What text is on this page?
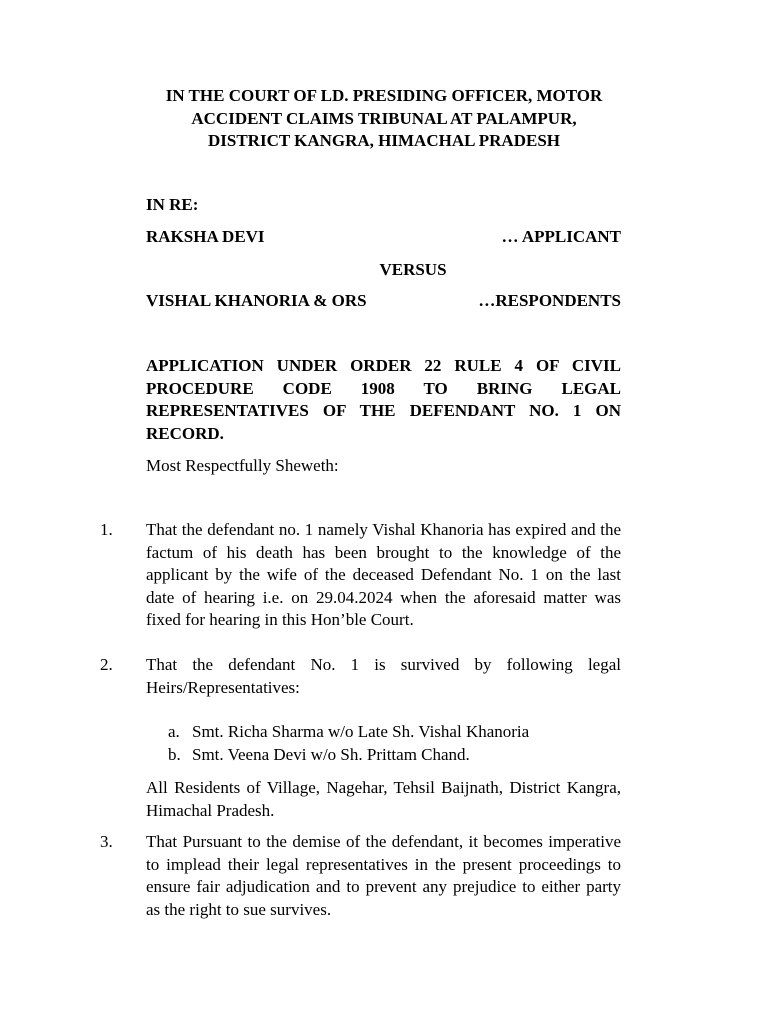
IN THE COURT OF LD. PRESIDING OFFICER, MOTOR
ACCIDENT CLAIMS TRIBUNAL AT PALAMPUR,
DISTRICT KANGRA, HIMACHAL PRADESH
IN RE:
RAKSHA DEVI	… APPLICANT
VERSUS
VISHAL KHANORIA & ORS	…RESPONDENTS
APPLICATION UNDER ORDER 22 RULE 4 OF CIVIL PROCEDURE CODE 1908 TO BRING LEGAL REPRESENTATIVES OF THE DEFENDANT NO. 1 ON RECORD.
Most Respectfully Sheweth:
1.	That the defendant no. 1 namely Vishal Khanoria has expired and the factum of his death has been brought to the knowledge of the applicant by the wife of the deceased Defendant No. 1 on the last date of hearing i.e. on 29.04.2024 when the aforesaid matter was fixed for hearing in this Hon’ble Court.
2.	That the defendant No. 1 is survived by following legal Heirs/Representatives:
a. Smt. Richa Sharma w/o Late Sh. Vishal Khanoria
b. Smt. Veena Devi w/o Sh. Prittam Chand.
All Residents of Village, Nagehar, Tehsil Baijnath, District Kangra, Himachal Pradesh.
3.	That Pursuant to the demise of the defendant, it becomes imperative to implead their legal representatives in the present proceedings to ensure fair adjudication and to prevent any prejudice to either party as the right to sue survives.
